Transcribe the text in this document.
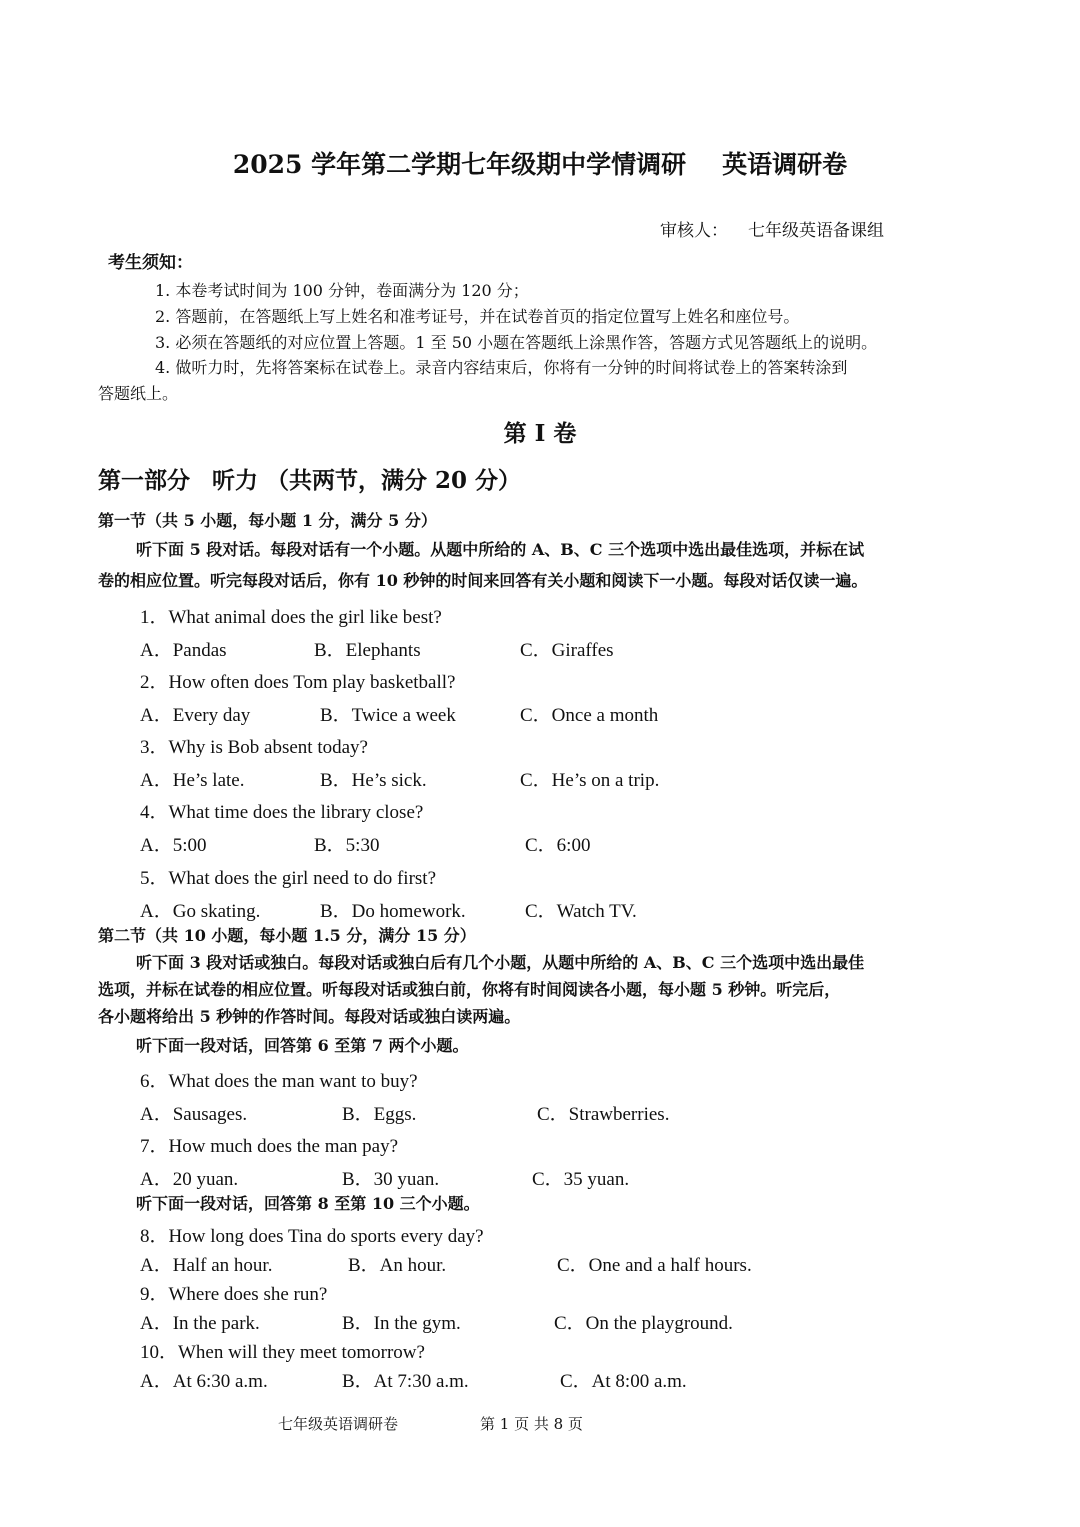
2025 学年第二学期七年级期中学情调研 英语调研卷
审核人： 七年级英语备课组
考生须知：
1. 本卷考试时间为 100 分钟，卷面满分为 120 分；
2. 答题前，在答题纸上写上姓名和准考证号，并在试卷首页的指定位置写上姓名和座位号。
3. 必须在答题纸的对应位置上答题。1 至 50 小题在答题纸上涂黑作答，答题方式见答题纸上的说明。
4. 做听力时，先将答案标在试卷上。录音内容结束后，你将有一分钟的时间将试卷上的答案转涂到
答题纸上。
第 I 卷
第一部分 听力 （共两节，满分 20 分）
第一节（共 5 小题，每小题 1 分，满分 5 分）
听下面 5 段对话。每段对话有一个小题。从题中所给的 A、B、C 三个选项中选出最佳选项，并标在试
卷的相应位置。听完每段对话后，你有 10 秒钟的时间来回答有关小题和阅读下一小题。每段对话仅读一遍。
1．What animal does the girl like best?
A．Pandas	B．Elephants	C．Giraffes
2．How often does Tom play basketball?
A．Every day	B．Twice a week	C．Once a month
3．Why is Bob absent today?
A．He’s late.	B．He’s sick.	C．He’s on a trip.
4．What time does the library close?
A．5:00	B．5:30	C．6:00
5．What does the girl need to do first?
A．Go skating.	B．Do homework.	C．Watch TV.
第二节（共 10 小题，每小题 1.5 分，满分 15 分）
听下面 3 段对话或独白。每段对话或独白后有几个小题，从题中所给的 A、B、C 三个选项中选出最佳
选项，并标在试卷的相应位置。听每段对话或独白前，你将有时间阅读各小题，每小题 5 秒钟。听完后，
各小题将给出 5 秒钟的作答时间。每段对话或独白读两遍。
听下面一段对话，回答第 6 至第 7 两个小题。
6．What does the man want to buy?
A．Sausages.	B．Eggs.	C．Strawberries.
7．How much does the man pay?
A．20 yuan.	B．30 yuan.	C．35 yuan.
听下面一段对话，回答第 8 至第 10 三个小题。
8．How long does Tina do sports every day?
A．Half an hour.	B．An hour.	C．One and a half hours.
9．Where does she run?
A．In the park.	B．In the gym.	C．On the playground.
10．When will they meet tomorrow?
A．At 6:30 a.m.	B．At 7:30 a.m.	C．At 8:00 a.m.
七年级英语调研卷	第 1 页 共 8 页
